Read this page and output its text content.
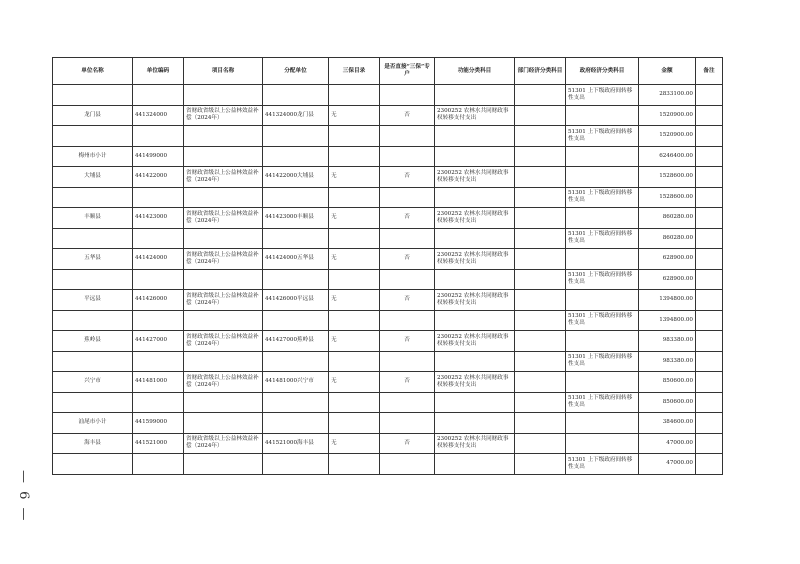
单位名称	单位编码	项目名称	分配单位	三保目录	是否直接“三保”专户	功能分类科目	部门经济分类科目	政府经济分类科目	金额	备注
								51301 上下级政府间转移性支出	2833100.00	
龙门县	441324000	省财政省级以上公益林效益补偿（2024年）	441324000龙门县	无	否	2300252 农林水共同财政事权转移支付支出			1520900.00	
								51301 上下级政府间转移性支出	1520900.00	
梅州市小计	441499000								6246400.00	
大埔县	441422000	省财政省级以上公益林效益补偿（2024年）	441422000大埔县	无	否	2300252 农林水共同财政事权转移支付支出			1528600.00	
								51301 上下级政府间转移性支出	1528600.00	
丰顺县	441423000	省财政省级以上公益林效益补偿（2024年）	441423000丰顺县	无	否	2300252 农林水共同财政事权转移支付支出			860280.00	
								51301 上下级政府间转移性支出	860280.00	
五华县	441424000	省财政省级以上公益林效益补偿（2024年）	441424000五华县	无	否	2300252 农林水共同财政事权转移支付支出			628900.00	
								51301 上下级政府间转移性支出	628900.00	
平远县	441426000	省财政省级以上公益林效益补偿（2024年）	441426000平远县	无	否	2300252 农林水共同财政事权转移支付支出			1394800.00	
								51301 上下级政府间转移性支出	1394800.00	
蕉岭县	441427000	省财政省级以上公益林效益补偿（2024年）	441427000蕉岭县	无	否	2300252 农林水共同财政事权转移支付支出			983380.00	
								51301 上下级政府间转移性支出	983380.00	
兴宁市	441481000	省财政省级以上公益林效益补偿（2024年）	441481000兴宁市	无	否	2300252 农林水共同财政事权转移支付支出			850600.00	
								51301 上下级政府间转移性支出	850600.00	
汕尾市小计	441599000								384600.00	
海丰县	441521000	省财政省级以上公益林效益补偿（2024年）	441521000海丰县	无	否	2300252 农林水共同财政事权转移支付支出			47000.00	
								51301 上下级政府间转移性支出	47000.00	
— 6 —
